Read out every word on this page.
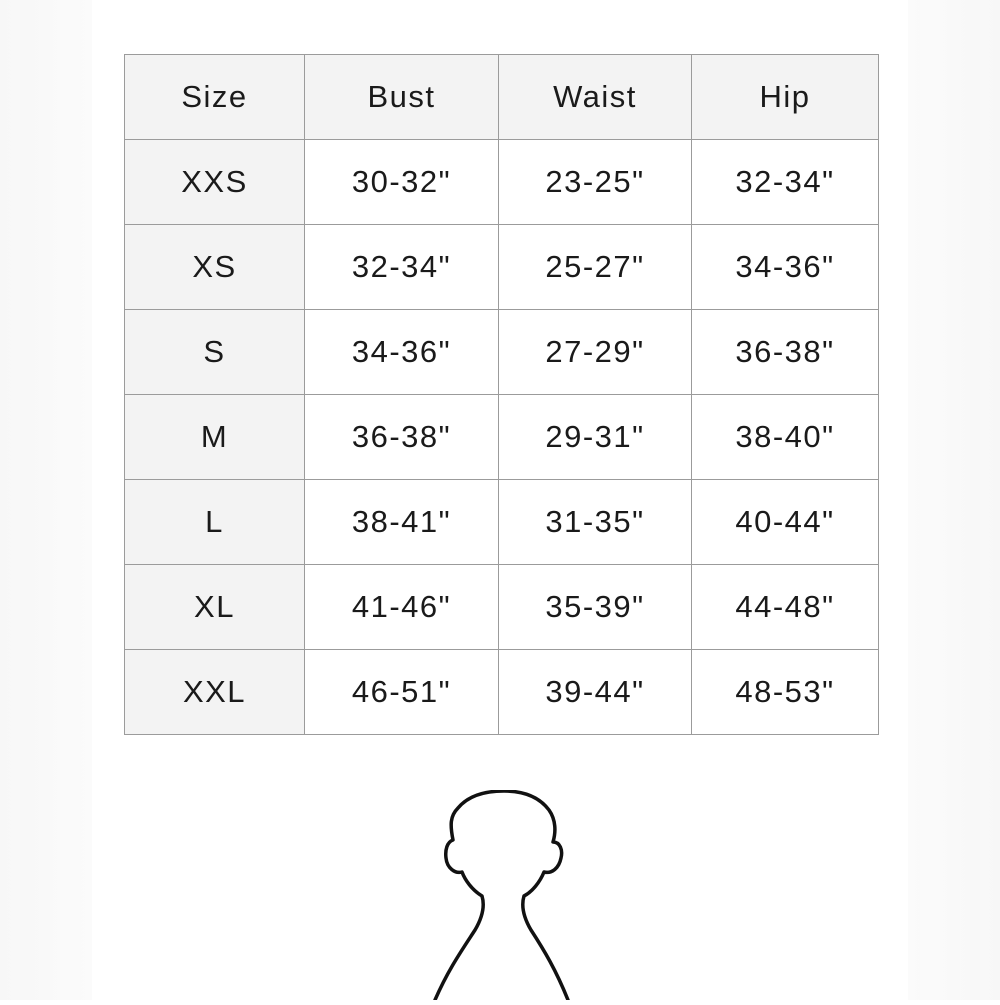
Size	Bust	Waist	Hip
XXS	30-32"	23-25"	32-34"
XS	32-34"	25-27"	34-36"
S	34-36"	27-29"	36-38"
M	36-38"	29-31"	38-40"
L	38-41"	31-35"	40-44"
XL	41-46"	35-39"	44-48"
XXL	46-51"	39-44"	48-53"
